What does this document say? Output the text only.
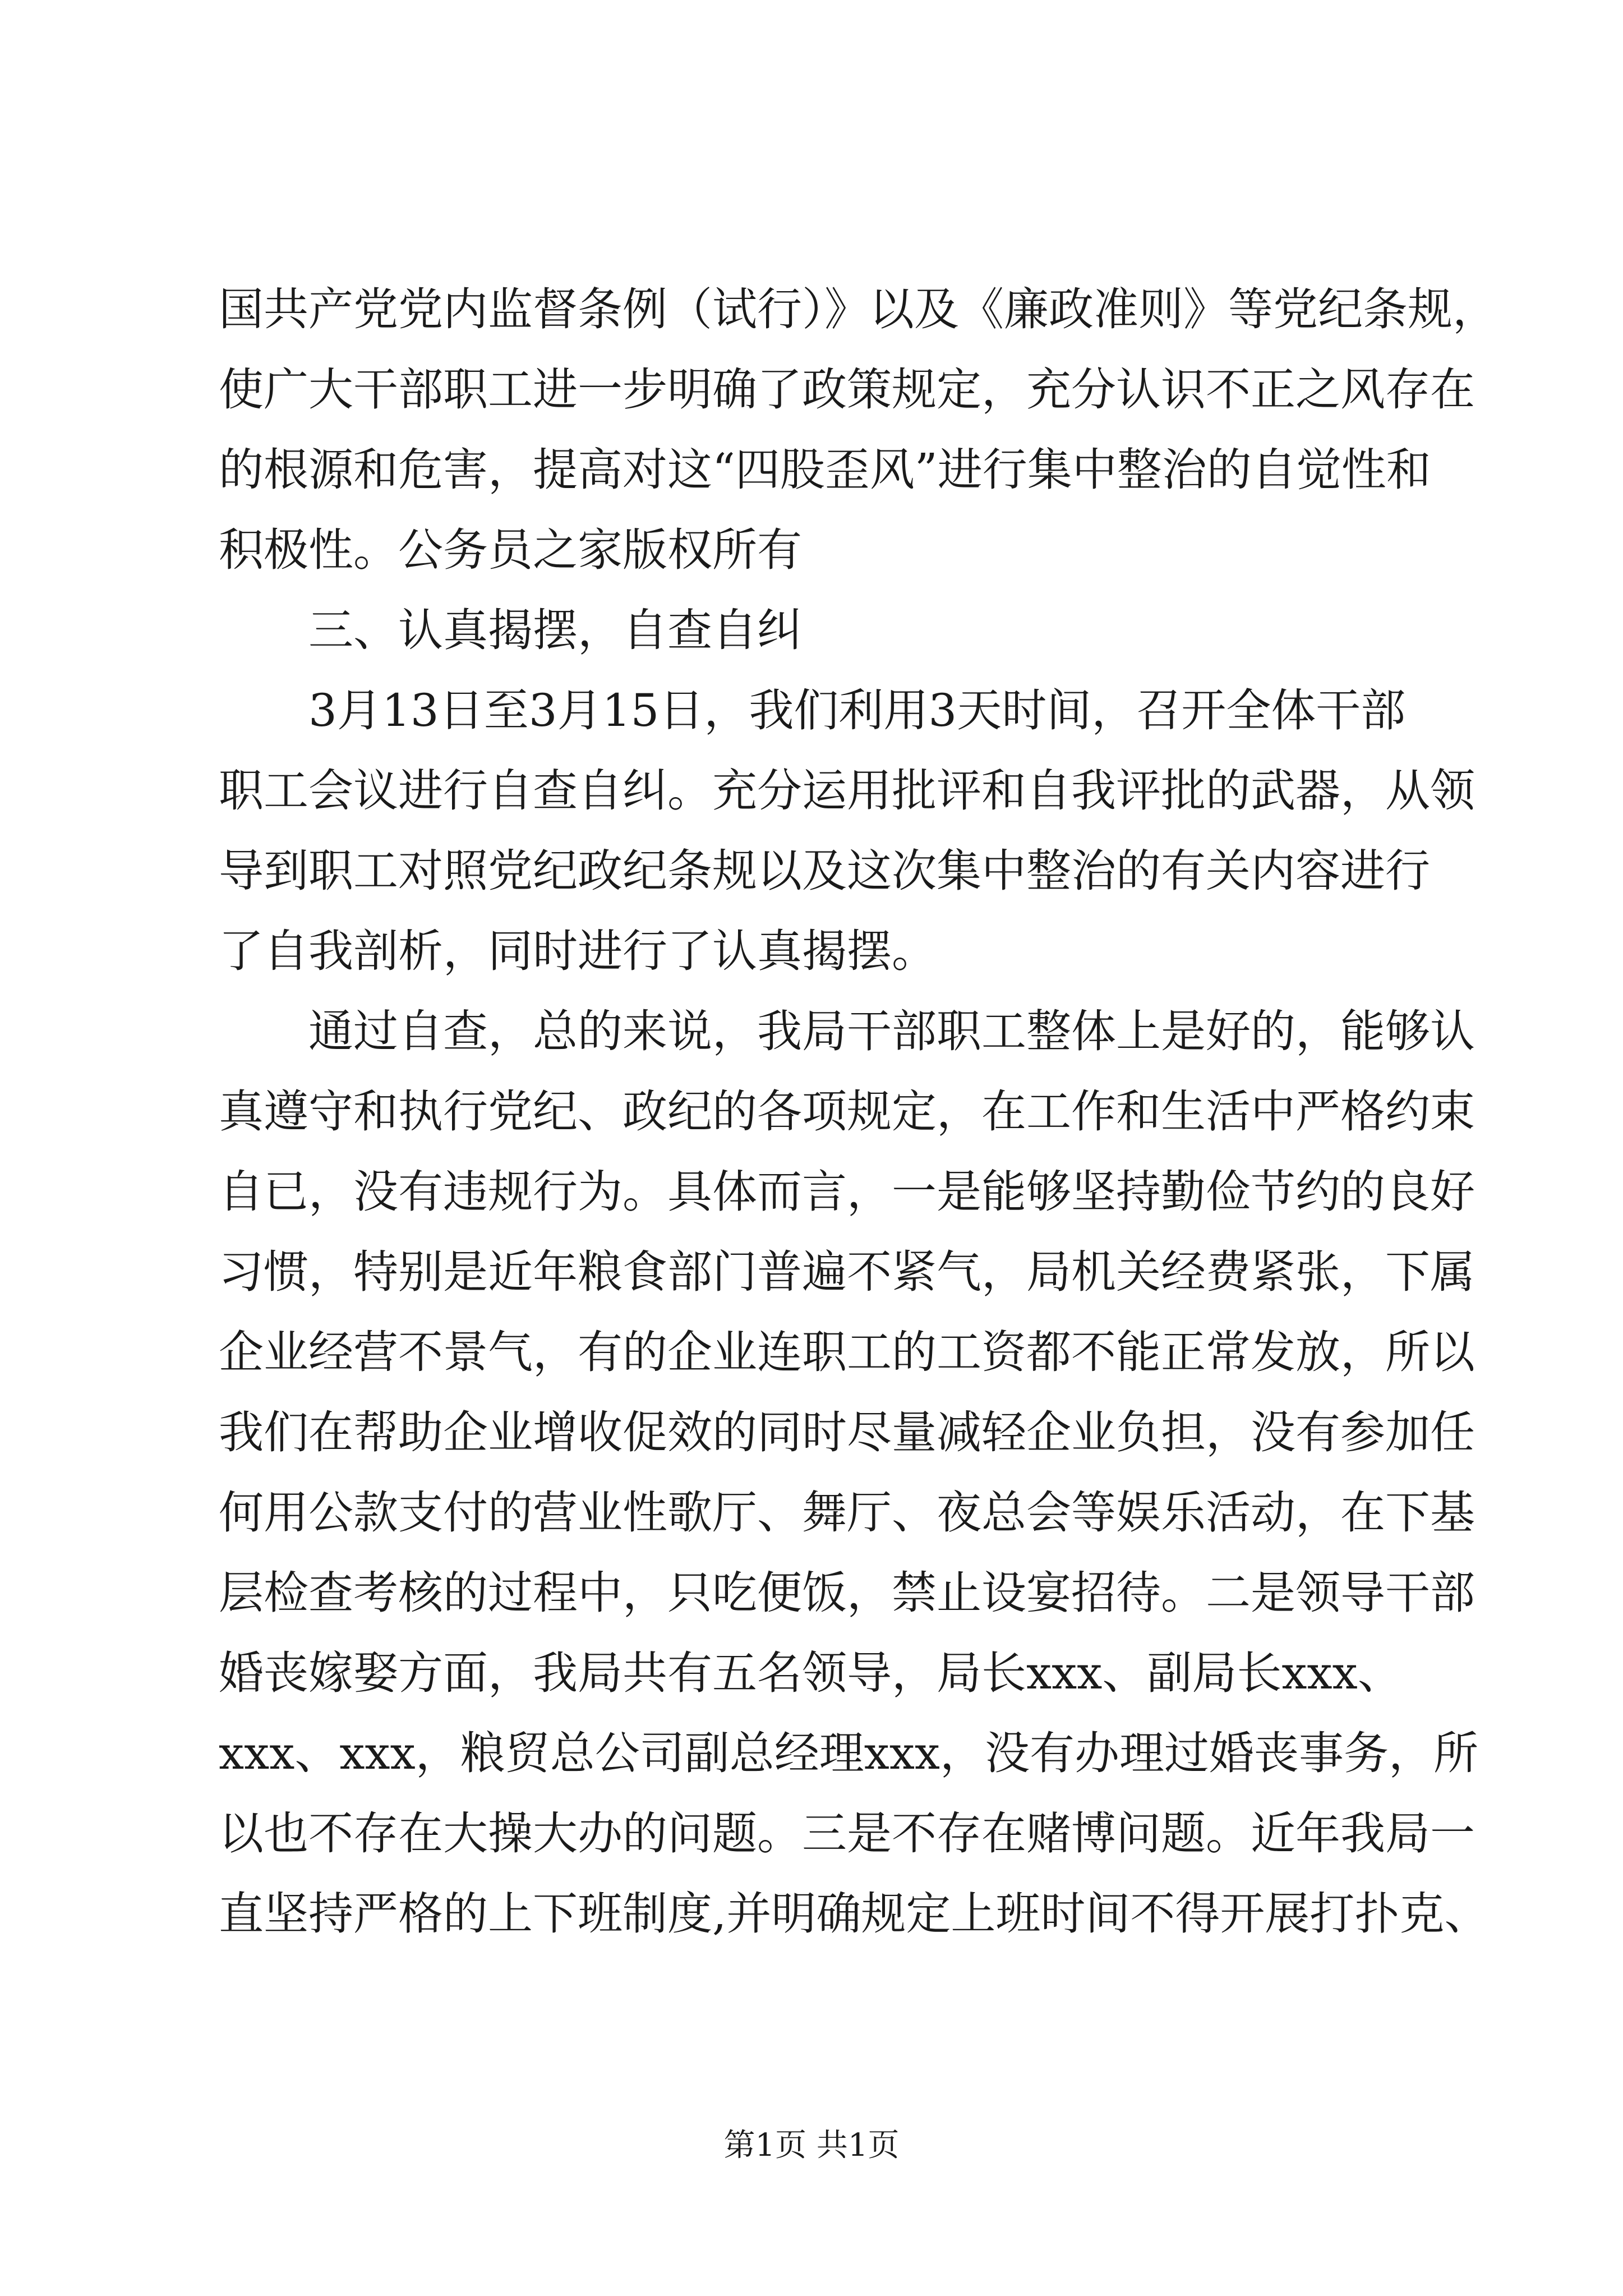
国共产党党内监督条例（试行）》以及《廉政准则》等党纪条规，
使广大干部职工进一步明确了政策规定，充分认识不正之风存在
的根源和危害，提高对这“四股歪风”进行集中整治的自觉性和
积极性。公务员之家版权所有
三、认真揭摆，自查自纠
3月13日至3月15日，我们利用3天时间，召开全体干部
职工会议进行自查自纠。充分运用批评和自我评批的武器，从领
导到职工对照党纪政纪条规以及这次集中整治的有关内容进行
了自我剖析，同时进行了认真揭摆。
通过自查，总的来说，我局干部职工整体上是好的，能够认
真遵守和执行党纪、政纪的各项规定，在工作和生活中严格约束
自已，没有违规行为。具体而言，一是能够坚持勤俭节约的良好
习惯，特别是近年粮食部门普遍不紧气，局机关经费紧张，下属
企业经营不景气，有的企业连职工的工资都不能正常发放，所以
我们在帮助企业增收促效的同时尽量减轻企业负担，没有参加任
何用公款支付的营业性歌厅、舞厅、夜总会等娱乐活动，在下基
层检查考核的过程中，只吃便饭，禁止设宴招待。二是领导干部
婚丧嫁娶方面，我局共有五名领导，局长xxx、副局长xxx、
xxx、xxx，粮贸总公司副总经理xxx，没有办理过婚丧事务，所
以也不存在大操大办的问题。三是不存在赌博问题。近年我局一
直坚持严格的上下班制度,并明确规定上班时间不得开展打扑克、
第1页 共1页
